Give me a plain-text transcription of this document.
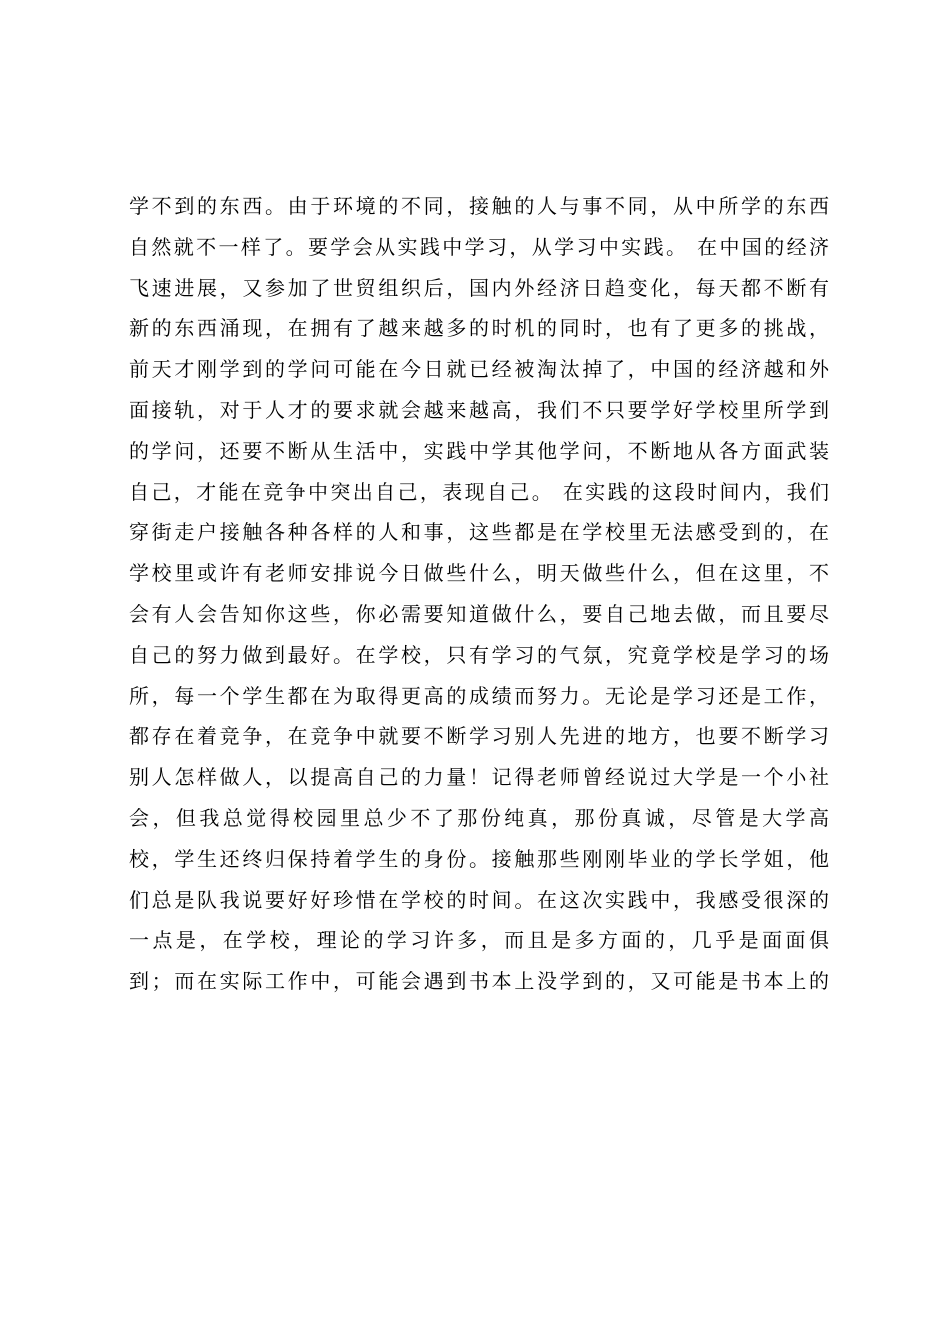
学不到的东西。由于环境的不同，接触的人与事不同，从中所学的东西
自然就不一样了。要学会从实践中学习，从学习中实践。 在中国的经济
飞速进展，又参加了世贸组织后，国内外经济日趋变化，每天都不断有
新的东西涌现，在拥有了越来越多的时机的同时，也有了更多的挑战，
前天才刚学到的学问可能在今日就已经被淘汰掉了，中国的经济越和外
面接轨，对于人才的要求就会越来越高，我们不只要学好学校里所学到
的学问，还要不断从生活中，实践中学其他学问，不断地从各方面武装
自己，才能在竞争中突出自己，表现自己。 在实践的这段时间内，我们
穿街走户接触各种各样的人和事，这些都是在学校里无法感受到的，在
学校里或许有老师安排说今日做些什么，明天做些什么，但在这里，不
会有人会告知你这些，你必需要知道做什么，要自己地去做，而且要尽
自己的努力做到最好。在学校，只有学习的气氛，究竟学校是学习的场
所，每一个学生都在为取得更高的成绩而努力。无论是学习还是工作，
都存在着竞争，在竞争中就要不断学习别人先进的地方，也要不断学习
别人怎样做人，以提高自己的力量！记得老师曾经说过大学是一个小社
会，但我总觉得校园里总少不了那份纯真，那份真诚，尽管是大学高
校，学生还终归保持着学生的身份。接触那些刚刚毕业的学长学姐，他
们总是队我说要好好珍惜在学校的时间。在这次实践中，我感受很深的
一点是，在学校，理论的学习许多，而且是多方面的，几乎是面面俱
到；而在实际工作中，可能会遇到书本上没学到的，又可能是书本上的
